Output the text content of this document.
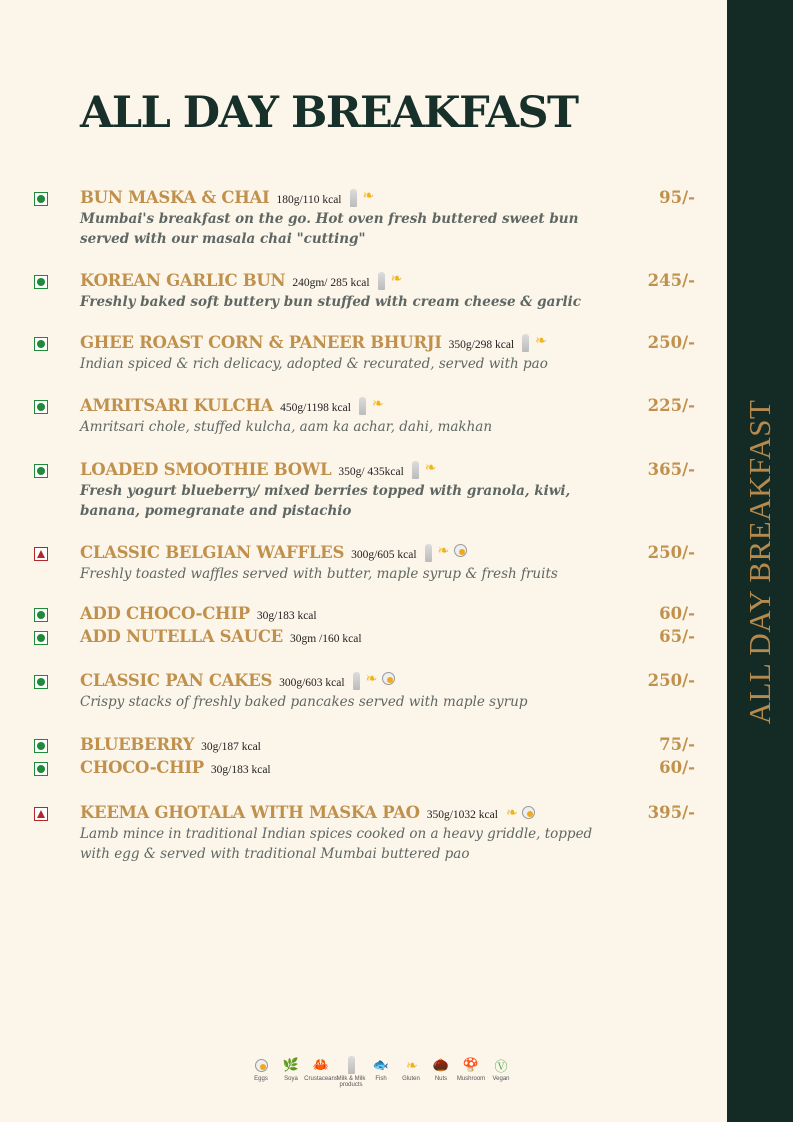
ALL DAY BREAKFAST
ALL DAY BREAKFAST
BUN MASKA & CHAI 180g/110 kcal ❧
Mumbai's breakfast on the go. Hot oven fresh buttered sweet bun served with our masala chai "cutting"
95/-
KOREAN GARLIC BUN 240gm/ 285 kcal ❧
Freshly baked soft buttery bun stuffed with cream cheese & garlic
245/-
GHEE ROAST CORN & PANEER BHURJI 350g/298 kcal ❧
Indian spiced & rich delicacy, adopted & recurated, served with pao
250/-
AMRITSARI KULCHA 450g/1198 kcal ❧
Amritsari chole, stuffed kulcha, aam ka achar, dahi, makhan
225/-
LOADED SMOOTHIE BOWL 350g/ 435kcal ❧
Fresh yogurt blueberry/ mixed berries topped with granola, kiwi, banana, pomegranate and pistachio
365/-
CLASSIC BELGIAN WAFFLES 300g/605 kcal ❧
Freshly toasted waffles served with butter, maple syrup & fresh fruits
250/-
ADD CHOCO-CHIP 30g/183 kcal	60/-
ADD NUTELLA SAUCE 30gm /160 kcal	65/-
CLASSIC PAN CAKES 300g/603 kcal ❧
Crispy stacks of freshly baked pancakes served with maple syrup
250/-
BLUEBERRY 30g/187 kcal	75/-
CHOCO-CHIP 30g/183 kcal	60/-
KEEMA GHOTALA WITH MASKA PAO 350g/1032 kcal ❧
Lamb mince in traditional Indian spices cooked on a heavy griddle, topped with egg & served with traditional Mumbai buttered pao
395/-
Eggs
🌿
Soya
🦀
Crustaceans
Milk & Milk products
🐟
Fish
❧
Gluten
🌰
Nuts
🍄
Mushroom
Ⓥ
Vegan
